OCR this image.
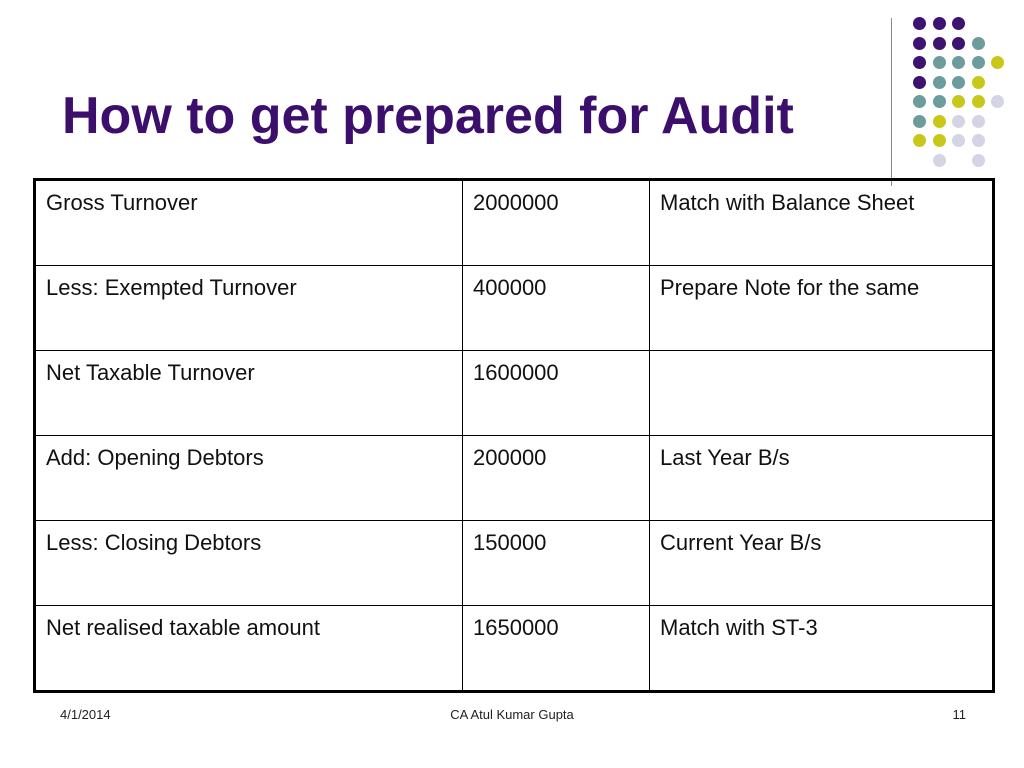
How to get prepared for Audit
Gross Turnover	2000000	Match with Balance Sheet
Less: Exempted Turnover	400000	Prepare Note for the same
Net Taxable Turnover	1600000	
Add: Opening Debtors	200000	Last Year B/s
Less: Closing Debtors	150000	Current Year B/s
Net realised taxable amount	1650000	Match with ST-3
4/1/2014	CA Atul Kumar Gupta	11
